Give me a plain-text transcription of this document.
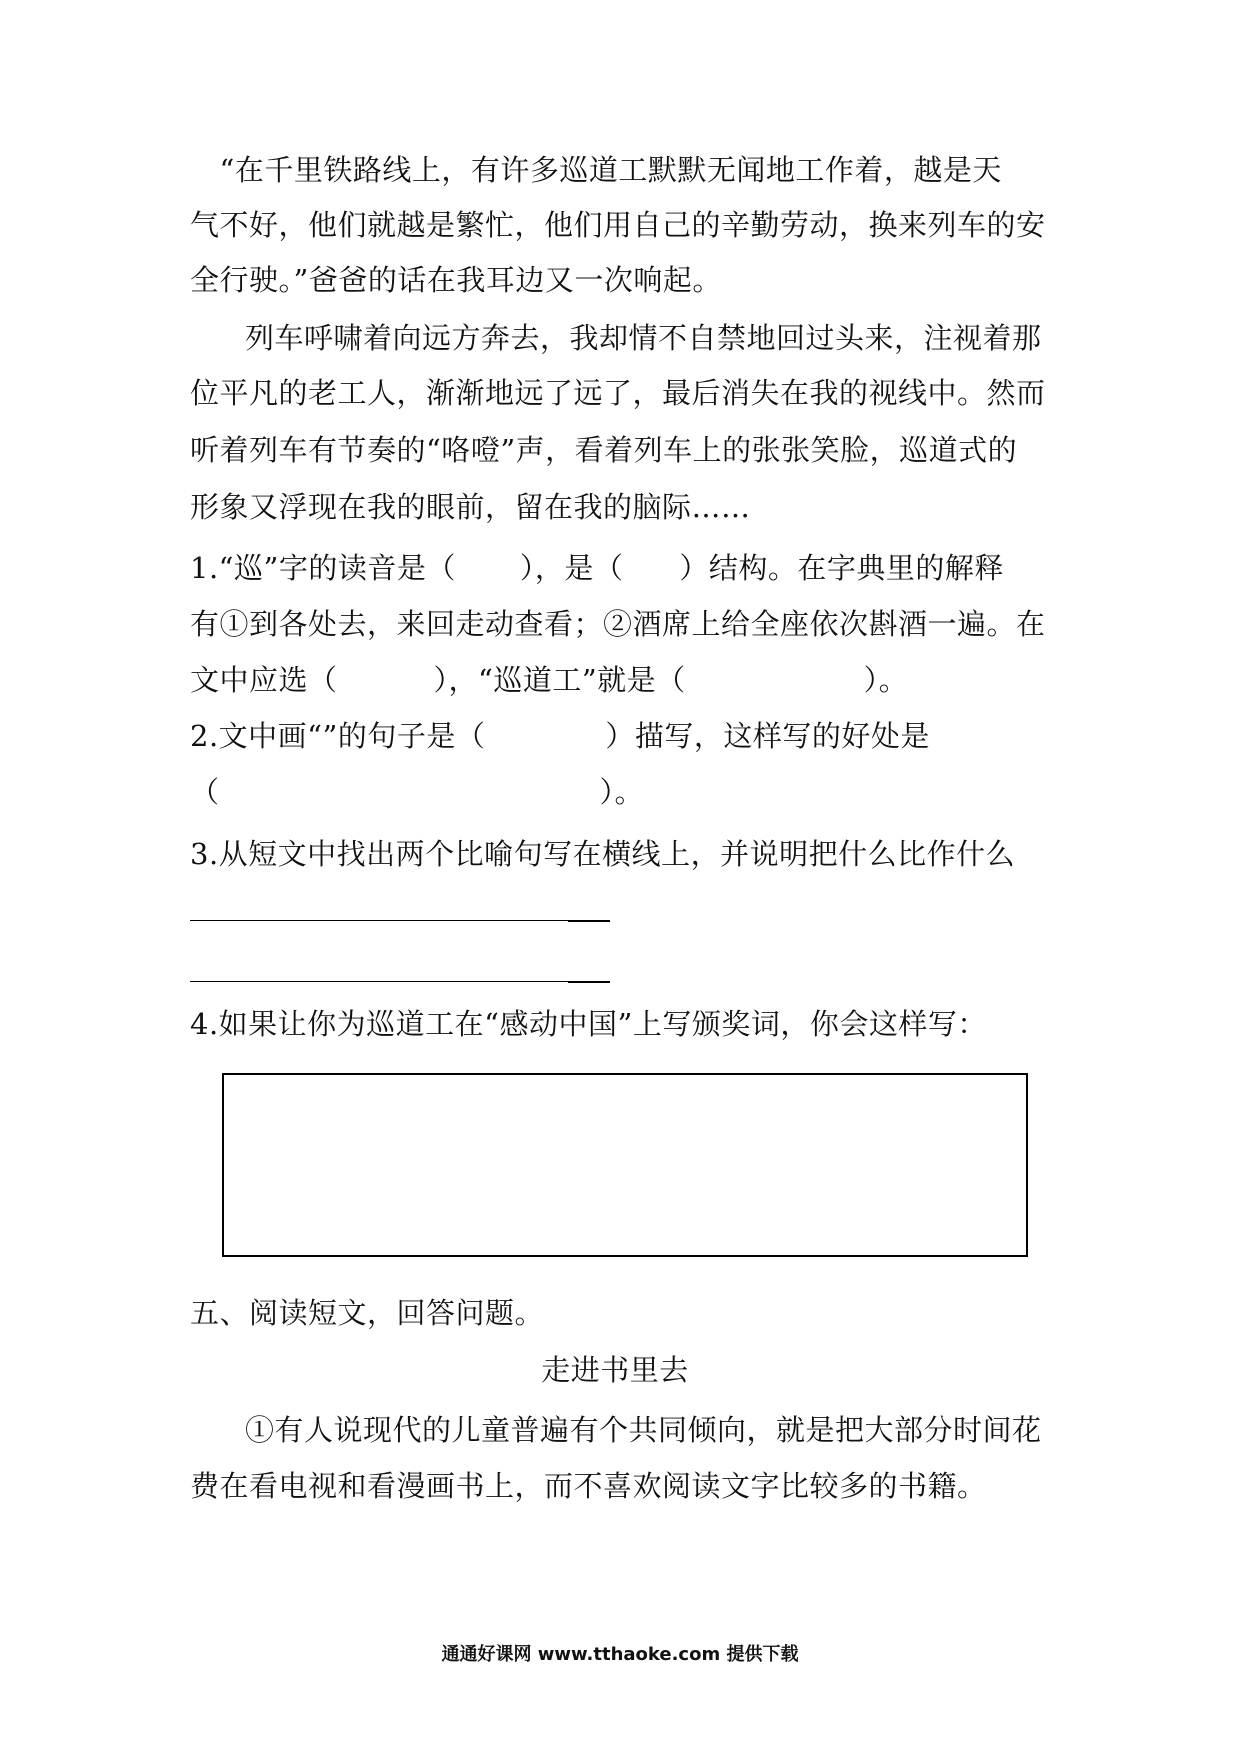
　“在千里铁路线上，有许多巡道工默默无闻地工作着，越是天
气不好，他们就越是繁忙，他们用自己的辛勤劳动，换来列车的安
全行驶。”爸爸的话在我耳边又一次响起。
列车呼啸着向远方奔去，我却情不自禁地回过头来，注视着那
位平凡的老工人，渐渐地远了远了，最后消失在我的视线中。然而
听着列车有节奏的“咯噔”声，看着列车上的张张笑脸，巡道式的
形象又浮现在我的眼前，留在我的脑际……
1.“巡”字的读音是（ ），是（ ）结构。在字典里的解释
有①到各处去，来回走动查看；②酒席上给全座依次斟酒一遍。在
文中应选（	），“巡道工”就是（	）。
2.文中画“”的句子是（	）描写，这样写的好处是
（	）。
3.从短文中找出两个比喻句写在横线上，并说明把什么比作什么
4.如果让你为巡道工在“感动中国”上写颁奖词，你会这样写：
五、阅读短文，回答问题。
走进书里去
①有人说现代的儿童普遍有个共同倾向，就是把大部分时间花
费在看电视和看漫画书上，而不喜欢阅读文字比较多的书籍。
通通好课网 www.tthaoke.com 提供下载
